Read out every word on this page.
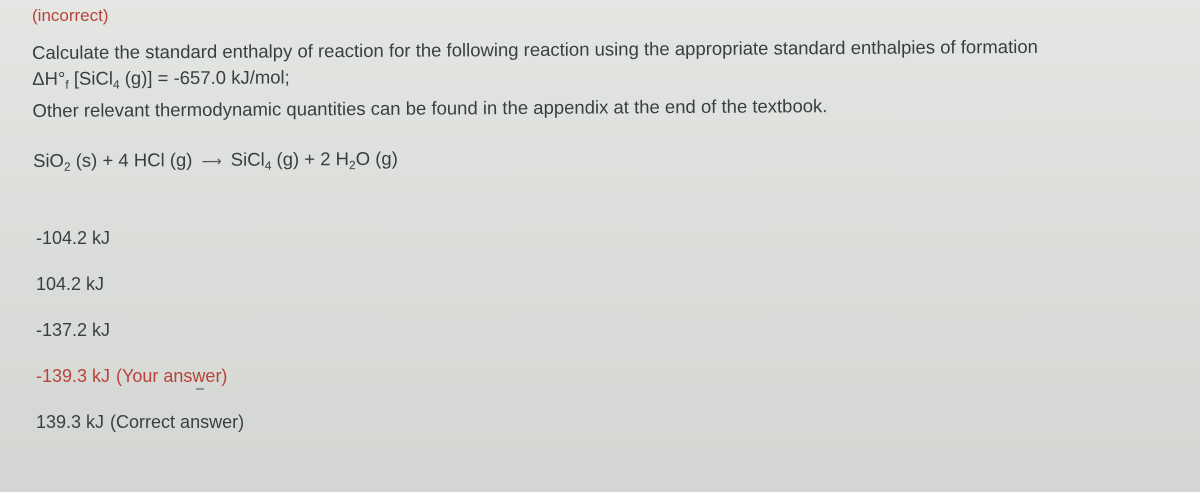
(incorrect)
Calculate the standard enthalpy of reaction for the following reaction using the appropriate standard enthalpies of formation
$\Delta H^\circ_f$ [SiCl$_4$ (g)] = -657.0 kJ/mol;
Other relevant thermodynamic quantities can be found in the appendix at the end of the textbook.
SiO$_2$ (s) + 4 HCl (g) ⟶ SiCl$_4$ (g) + 2 $H_2O$ (g)
-104.2 kJ
104.2 kJ
-137.2 kJ
-139.3 kJ (Your answer)
139.3 kJ (Correct answer)
